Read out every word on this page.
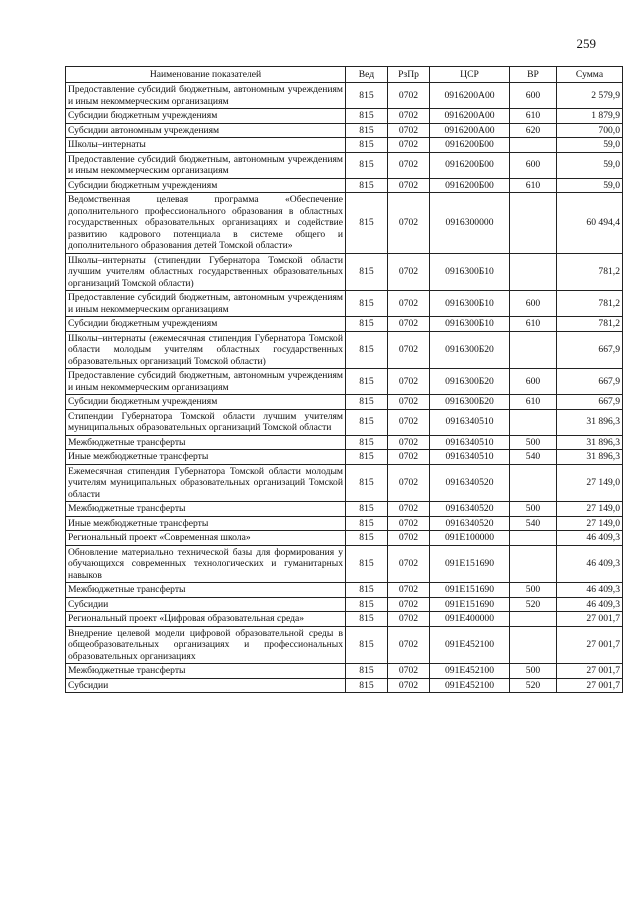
259
Наименование показателей	Вед	РзПр	ЦСР	ВР	Сумма
Предоставление субсидий бюджетным, автономным учреждениям и иным некоммерческим организациям	815	0702	0916200А00	600	2 579,9
Субсидии бюджетным учреждениям	815	0702	0916200А00	610	1 879,9
Субсидии автономным учреждениям	815	0702	0916200А00	620	700,0
Школы–интернаты	815	0702	0916200Б00		59,0
Предоставление субсидий бюджетным, автономным учреждениям и иным некоммерческим организациям	815	0702	0916200Б00	600	59,0
Субсидии бюджетным учреждениям	815	0702	0916200Б00	610	59,0
Ведомственная целевая программа «Обеспечение дополнительного профессионального образования в областных государственных образовательных организациях и содействие развитию кадрового потенциала в системе общего и дополнительного образования детей Томской области»	815	0702	0916300000		60 494,4
Школы–интернаты (стипендии Губернатора Томской области лучшим учителям областных государственных образовательных организаций Томской области)	815	0702	0916300Б10		781,2
Предоставление субсидий бюджетным, автономным учреждениям и иным некоммерческим организациям	815	0702	0916300Б10	600	781,2
Субсидии бюджетным учреждениям	815	0702	0916300Б10	610	781,2
Школы–интернаты (ежемесячная стипендия Губернатора Томской области молодым учителям областных государственных образовательных организаций Томской области)	815	0702	0916300Б20		667,9
Предоставление субсидий бюджетным, автономным учреждениям и иным некоммерческим организациям	815	0702	0916300Б20	600	667,9
Субсидии бюджетным учреждениям	815	0702	0916300Б20	610	667,9
Стипендии Губернатора Томской области лучшим учителям муниципальных образовательных организаций Томской области	815	0702	0916340510		31 896,3
Межбюджетные трансферты	815	0702	0916340510	500	31 896,3
Иные межбюджетные трансферты	815	0702	0916340510	540	31 896,3
Ежемесячная стипендия Губернатора Томской области молодым учителям муниципальных образовательных организаций Томской области	815	0702	0916340520		27 149,0
Межбюджетные трансферты	815	0702	0916340520	500	27 149,0
Иные межбюджетные трансферты	815	0702	0916340520	540	27 149,0
Региональный проект «Современная школа»	815	0702	091E100000		46 409,3
Обновление материально технической базы для формирования у обучающихся современных технологических и гуманитарных навыков	815	0702	091E151690		46 409,3
Межбюджетные трансферты	815	0702	091E151690	500	46 409,3
Субсидии	815	0702	091E151690	520	46 409,3
Региональный проект «Цифровая образовательная среда»	815	0702	091E400000		27 001,7
Внедрение целевой модели цифровой образовательной среды в общеобразовательных организациях и профессиональных образовательных организациях	815	0702	091E452100		27 001,7
Межбюджетные трансферты	815	0702	091E452100	500	27 001,7
Субсидии	815	0702	091E452100	520	27 001,7
